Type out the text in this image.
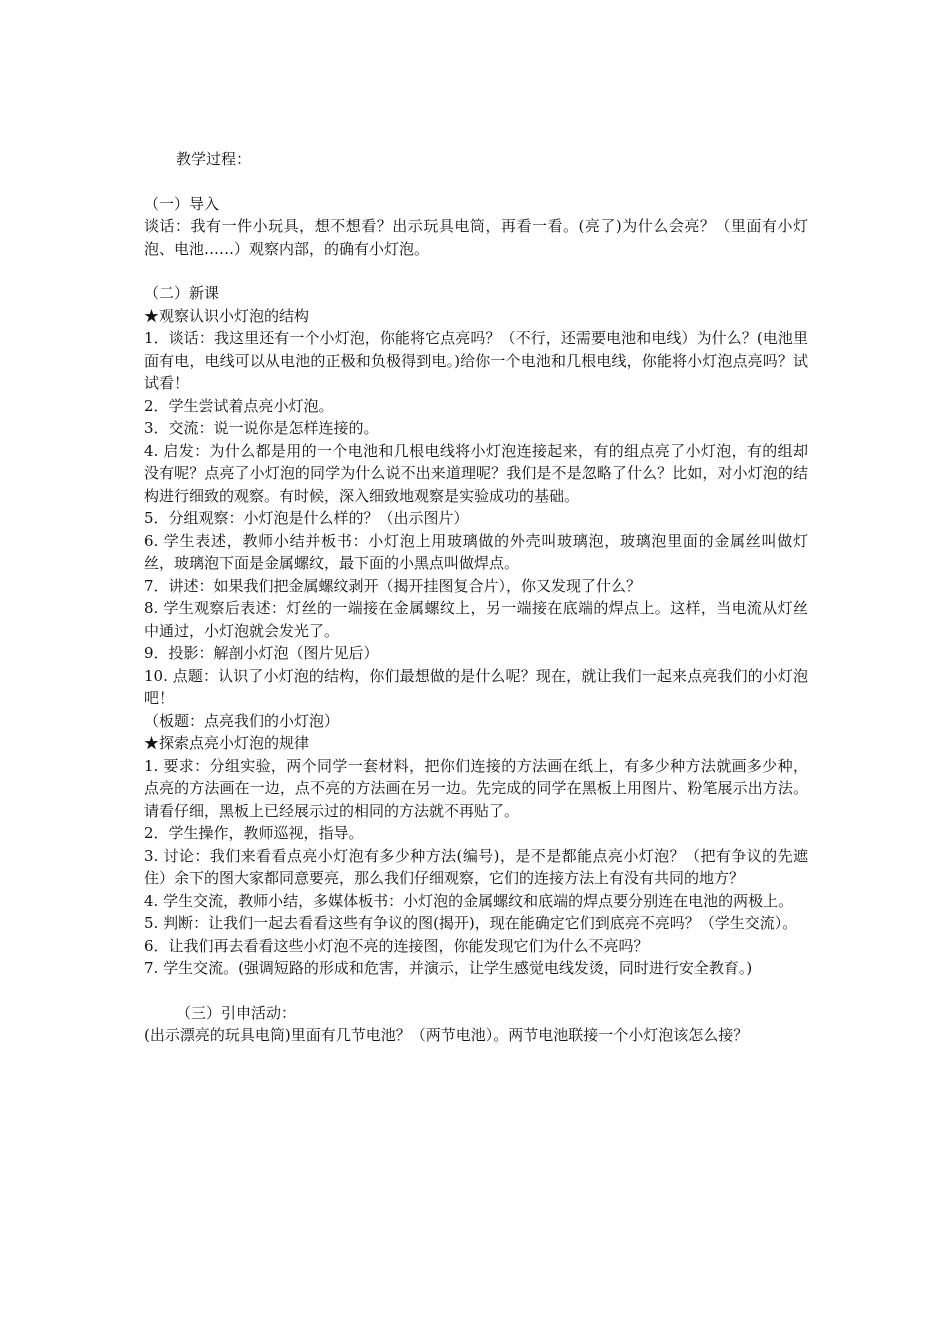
教学过程：

（一）导入

谈话：我有一件小玩具，想不想看？出示玩具电筒，再看一看。(亮了)为什么会亮？（里面有小灯泡、电池……）观察内部，的确有小灯泡。

（二）新课

★观察认识小灯泡的结构

1．谈话：我这里还有一个小灯泡，你能将它点亮吗？（不行，还需要电池和电线）为什么？(电池里面有电，电线可以从电池的正极和负极得到电。)给你一个电池和几根电线，你能将小灯泡点亮吗？试试看！

2．学生尝试着点亮小灯泡。

3．交流：说一说你是怎样连接的。

4. 启发：为什么都是用的一个电池和几根电线将小灯泡连接起来，有的组点亮了小灯泡，有的组却没有呢？点亮了小灯泡的同学为什么说不出来道理呢？我们是不是忽略了什么？比如，对小灯泡的结构进行细致的观察。有时候，深入细致地观察是实验成功的基础。

5．分组观察：小灯泡是什么样的？（出示图片）

6. 学生表述，教师小结并板书：小灯泡上用玻璃做的外壳叫玻璃泡，玻璃泡里面的金属丝叫做灯丝，玻璃泡下面是金属螺纹，最下面的小黑点叫做焊点。

7．讲述：如果我们把金属螺纹剥开（揭开挂图复合片），你又发现了什么？

8. 学生观察后表述：灯丝的一端接在金属螺纹上，另一端接在底端的焊点上。这样，当电流从灯丝中通过，小灯泡就会发光了。

9．投影：解剖小灯泡（图片见后）

10. 点题：认识了小灯泡的结构，你们最想做的是什么呢？现在，就让我们一起来点亮我们的小灯泡吧！

（板题：点亮我们的小灯泡）

★探索点亮小灯泡的规律

1. 要求：分组实验，两个同学一套材料，把你们连接的方法画在纸上，有多少种方法就画多少种，点亮的方法画在一边，点不亮的方法画在另一边。先完成的同学在黑板上用图片、粉笔展示出方法。请看仔细，黑板上已经展示过的相同的方法就不再贴了。

2．学生操作，教师巡视，指导。

3. 讨论：我们来看看点亮小灯泡有多少种方法(编号)，是不是都能点亮小灯泡？（把有争议的先遮住）余下的图大家都同意要亮，那么我们仔细观察，它们的连接方法上有没有共同的地方？

4. 学生交流，教师小结，多媒体板书：小灯泡的金属螺纹和底端的焊点要分别连在电池的两极上。

5. 判断：让我们一起去看看这些有争议的图(揭开)，现在能确定它们到底亮不亮吗？（学生交流）。

6．让我们再去看看这些小灯泡不亮的连接图，你能发现它们为什么不亮吗？

7. 学生交流。(强调短路的形成和危害，并演示，让学生感觉电线发烫，同时进行安全教育。)

（三）引申活动：

(出示漂亮的玩具电筒)里面有几节电池？（两节电池）。两节电池联接一个小灯泡该怎么接？
